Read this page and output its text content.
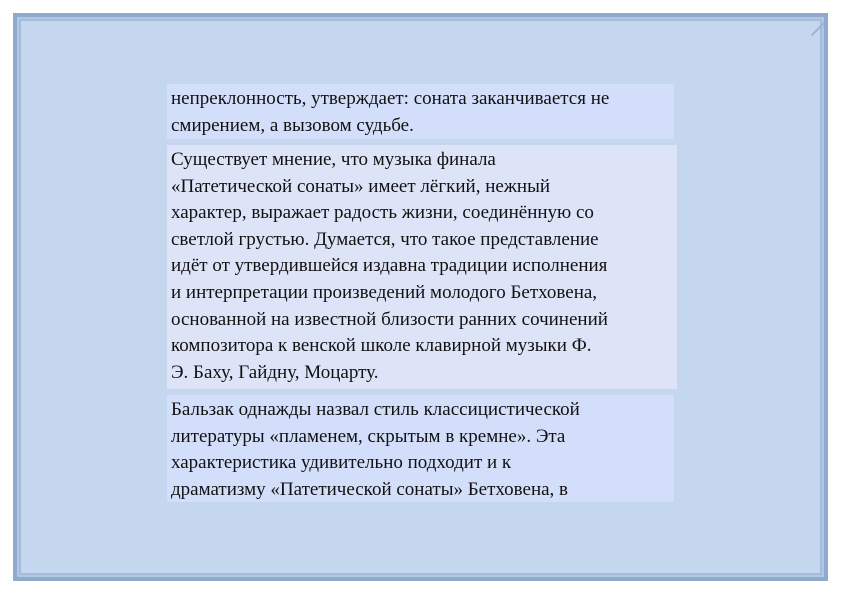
непреклонность, утверждает: соната заканчивается не
смирением, а вызовом судьбе.
Существует мнение, что музыка финала
«Патетической сонаты» имеет лёгкий, нежный
характер, выражает радость жизни, соединённую со
светлой грустью. Думается, что такое представление
идёт от утвердившейся издавна традиции исполнения
и интерпретации произведений молодого Бетховена,
основанной на известной близости ранних сочинений
композитора к венской школе клавирной музыки Ф.
Э. Баху, Гайдну, Моцарту.
Бальзак однажды назвал стиль классицистической
литературы «пламенем, скрытым в кремне». Эта
характеристика удивительно подходит и к
драматизму «Патетической сонаты» Бетховена, в
